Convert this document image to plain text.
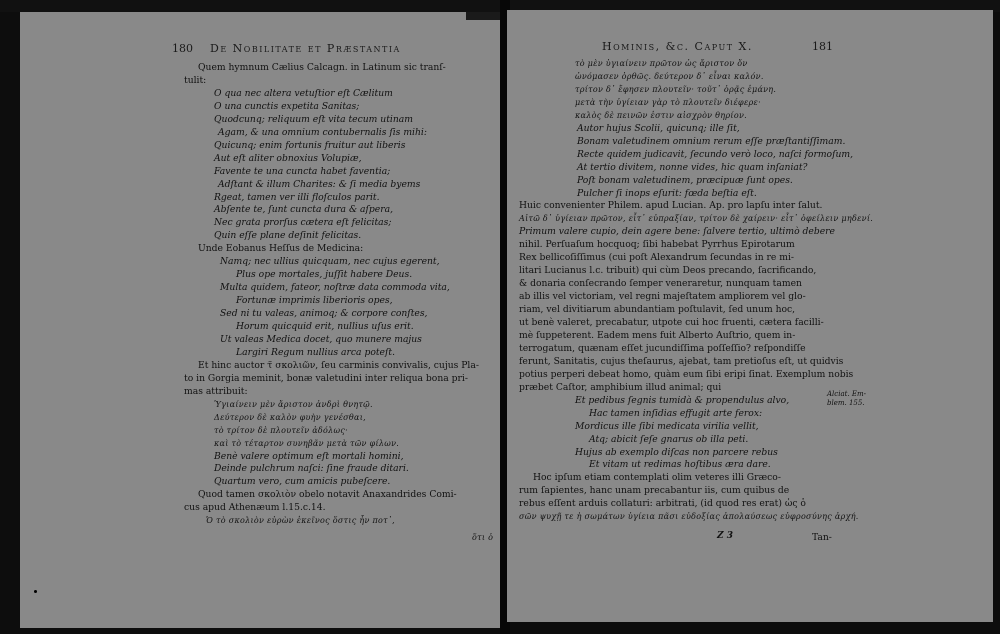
180 De Nobilitate et Præstantia
Quem hymnum Cælius Calcagn. in Latinum sic tranſ-
tulit:
O qua nec altera vetuſtior eſt Cælitum
O una cunctis expetita Sanitas;
Quodcunq; reliquum eſt vita tecum utinam
Agam, & una omnium contubernalis ſis mihi:
Quicunq; enim fortunis fruitur aut liberis
Aut eſt aliter obnoxius Volupiæ,
Favente te una cuncta habet faventia;
Adſtant & illum Charites: & ſi media byems
Rgeat, tamen ver illi floſculos parit.
Abſente te, ſunt cuncta dura & aſpera,
Nec grata prorſus cætera eſt felicitas;
Quin eſſe plane deſinit felicitas.
Unde Eobanus Heſſus de Medicina:
Namq; nec ullius quicquam, nec cujus egerent,
Plus ope mortales, juſſit habere Deus.
Multa quidem, fateor, noſtræ data commoda vita,
Fortunæ imprimis liberioris opes,
Sed ni tu valeas, animoq; & corpore conſtes,
Horum quicquid erit, nullius uſus erit.
Ut valeas Medica docet, quo munere majus
Largiri Regum nullius arca poteſt.
Et hinc auctor τ̃ σκολιῶν, ſeu carminis convivalis, cujus Pla-
to in Gorgia meminit, bonæ valetudini inter reliqua bona pri-
mas attribuit:
Ὑγιαίνειν μὲν ἄριστον ἀνδρὶ θνητῷ.
Δεύτερον δὲ καλὸν φυὴν γενέσθαι,
τὸ τρίτον δὲ πλουτεῖν ἀδόλως·
καὶ τὸ τέταρτον συνηβᾶν μετὰ τῶν φίλων.
Benè valere optimum eſt mortali homini,
Deinde pulchrum naſci: ſine fraude ditari.
Quartum vero, cum amicis pubeſcere.
Quod tamen σκολιὸν obelo notavit Anaxandrides Comi-
cus apud Athenæum l.15.c.14.
Ὁ τὸ σκολιὸν εὑρὼν ἐκεῖνος ὅστις ἦν ποτ᾽,
ὅτι ὁ
Hominis, &c. Caput X.	181
τὸ μὲν ὑγιαίνειν πρῶτον ὡς ἄριστον ὄν
ὠνόμασεν ὀρθῶς. δεύτερον δ᾽ εἶναι καλόν.
τρίτον δ᾽ ἔφησεν πλουτεῖν· τοῦτ᾽ ὁρᾷς ἐμάνη.
μετὰ τὴν ὑγίειαν γὰρ τὸ πλουτεῖν διέφερε·
καλὸς δὲ πεινῶν ἐστιν αἰσχρὸν θηρίον.
Autor hujus Scolii, quicunq; ille ſit,
Bonam valetudinem omnium rerum eſſe præſtantiſſimam.
Recte quidem judicavit, ſecundo verò loco, naſci formoſum,
At tertio divitem, nonne vides, hic quam inſaniat?
Poſt bonam valetudinem, præcipuæ ſunt opes.
Pulcher ſi inops eſurit: fœda beſtia eſt.
Huic convenienter Philem. apud Lucian. Ap. pro lapſu inter ſalut.
Αἰτῶ δ᾽ ὑγίειαν πρῶτον, εἶτ᾽ εὐπραξίαν, τρίτον δὲ χαίρειν· εἶτ᾽ ὀφείλειν μηδενί.
Primum valere cupio, dein agere bene: ſalvere tertio, ultimò debere
nihil. Perſuaſum hocquoq; ſibi habebat Pyrrhus Epirotarum
Rex bellicoſiſſimus (cui poſt Alexandrum ſecundas in re mi-
litari Lucianus l.c. tribuit) qui cùm Deos precando, ſacrificando,
& donaria conſecrando ſemper veneraretur, nunquam tamen
ab illis vel victoriam, vel regni majeſtatem ampliorem vel glo-
riam, vel divitiarum abundantiam poſtulavit, ſed unum hoc,
ut benè valeret, precabatur, utpote cui hoc fruenti, cætera facilli-
mè ſuppeterent. Eadem mens fuit Alberto Auſtrio, quem in-
terrogatum, quænam eſſet jucundiſſima poſſeſſio? reſpondiſſe
ferunt, Sanitatis, cujus theſaurus, ajebat, tam pretioſus eſt, ut quidvis
potius perperi debeat homo, quàm eum ſibi eripi ſinat. Exemplum nobis
præbet Caſtor, amphibium illud animal; qui
Et pedibus ſegnis tumidà & propendulus alvo,
Hac tamen inſidias effugit arte ferox:
Mordicus ille ſibi medicata virilia vellit,
Atq; abicit ſeſe gnarus ob illa peti.
Hujus ab exemplo diſcas non parcere rebus
Et vitam ut redimas hoſtibus æra dare.
Hoc ipſum etiam contemplati olim veteres illi Græco-
rum ſapientes, hanc unam precabantur iis, cum quibus de
rebus eſſent arduis collaturi: arbitrati, (id quod res erat) ὡς ὁ
σῶν ψυχῇ τε ἡ σωμάτων ὑγίεια πᾶσι εὐδοξίας ἀπολαύσεως εὐφροσύνης ἀρχή.
Alciat. Em-
blem. 155.
Z 3	Tan-
